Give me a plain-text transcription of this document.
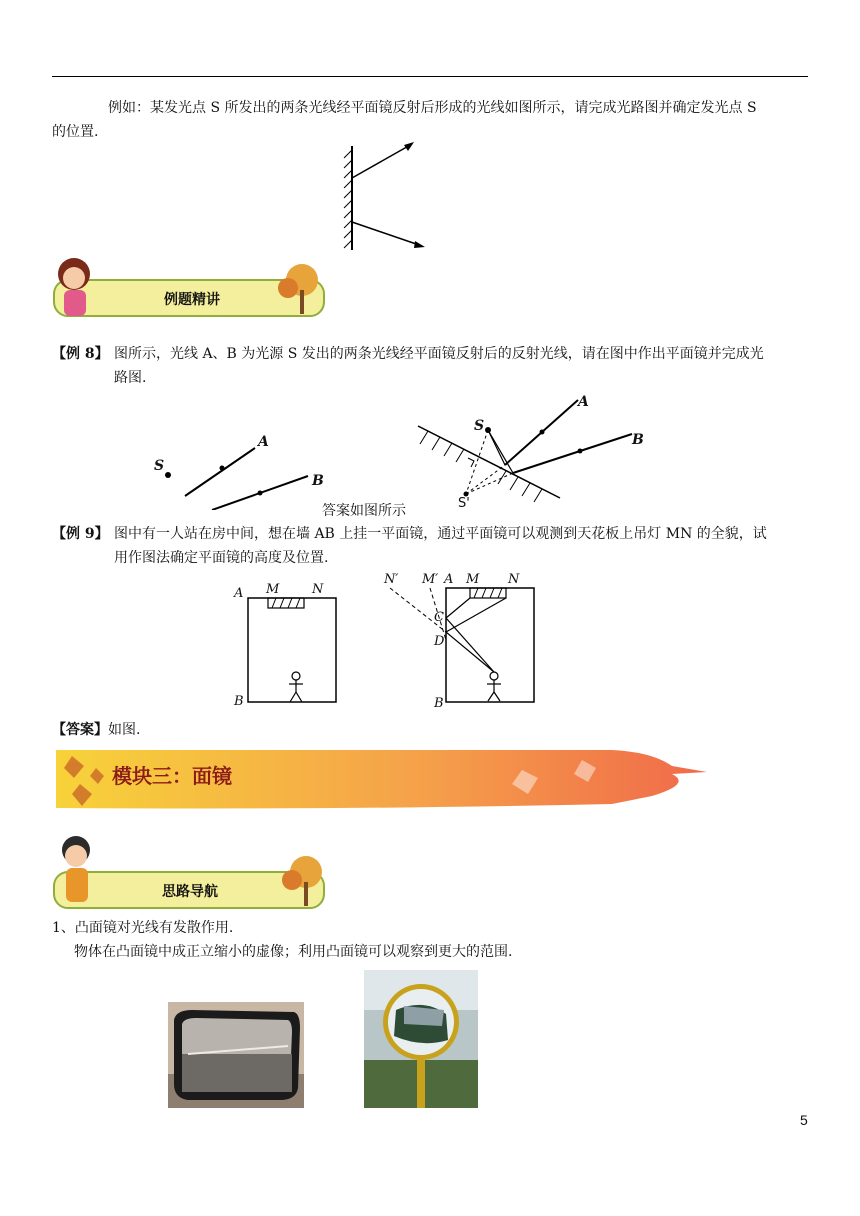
例如：某发光点 S 所发出的两条光线经平面镜反射后形成的光线如图所示，请完成光路图并确定发光点 S
的位置.
例题精讲
【例 8】 图所示，光线 A、B 为光源 S 发出的两条光线经平面镜反射后的反射光线，请在图中作出平面镜并完成光
路图.
S
A
B
S
A
B
S'
答案如图所示
【例 9】 图中有一人站在房中间，想在墙 AB 上挂一平面镜，通过平面镜可以观测到天花板上吊灯 MN 的全貌，试
用作图法确定平面镜的高度及位置.
A
B
M	N
N′ M′ A M N
C
D
B
【答案】如图.
模块三：面镜
思路导航
1、凸面镜对光线有发散作用.
物体在凸面镜中成正立缩小的虚像；利用凸面镜可以观察到更大的范围.
5
